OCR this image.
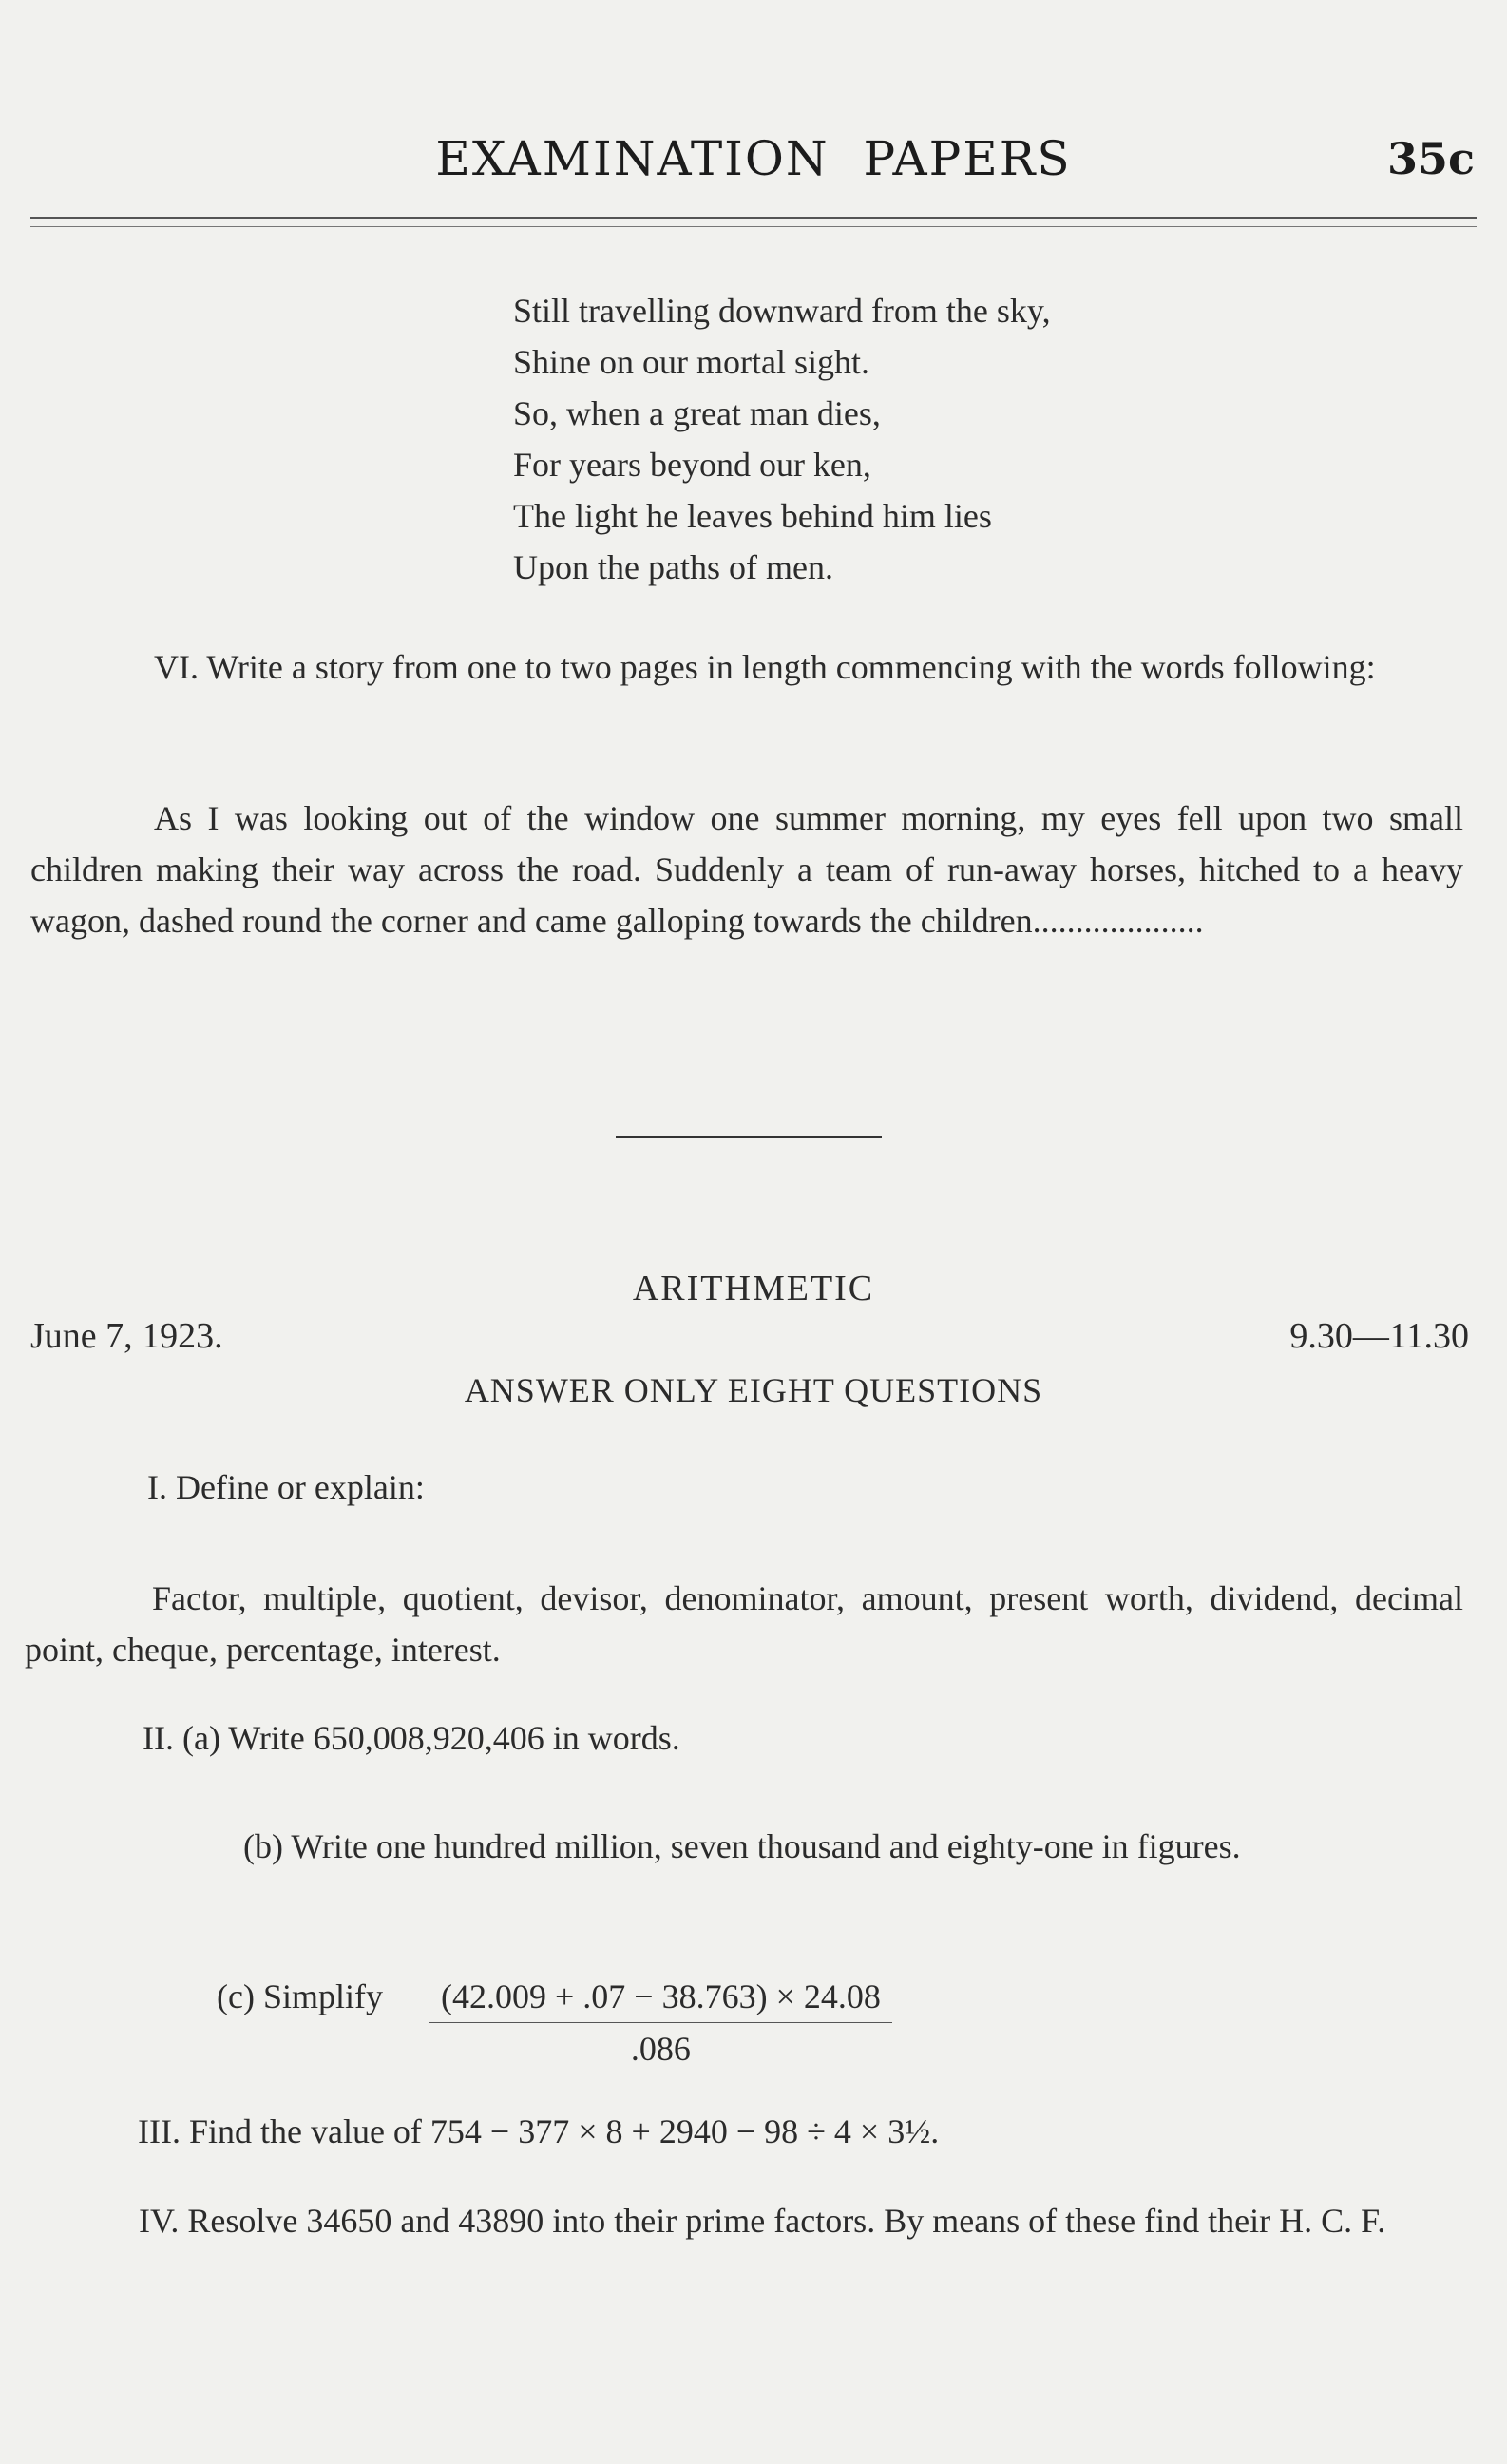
EXAMINATION  PAPERS	35c
Still travelling downward from the sky,
Shine on our mortal sight.
So, when a great man dies,
For years beyond our ken,
The light he leaves behind him lies
Upon the paths of men.
VI. Write a story from one to two pages in length commencing with the words following:
As I was looking out of the window one summer morning, my eyes fell upon two small children making their way across the road. Suddenly a team of run-away horses, hitched to a heavy wagon, dashed round the corner and came galloping towards the children....................
ARITHMETIC
June 7, 1923.	9.30—11.30
ANSWER ONLY EIGHT QUESTIONS
I. Define or explain:
Factor, multiple, quotient, devisor, denominator, amount, present worth, dividend, decimal point, cheque, percentage, interest.
II. (a) Write 650,008,920,406 in words.
(b) Write one hundred million, seven thousand and eighty-one in figures.
(c) Simplify $\frac{(42.009 + .07 - 38.763) \times 24.08}{.086}$
III. Find the value of 754 − 377 × 8 + 2940 − 98 ÷ 4 × 3½.
IV. Resolve 34650 and 43890 into their prime factors. By means of these find their H. C. F.
